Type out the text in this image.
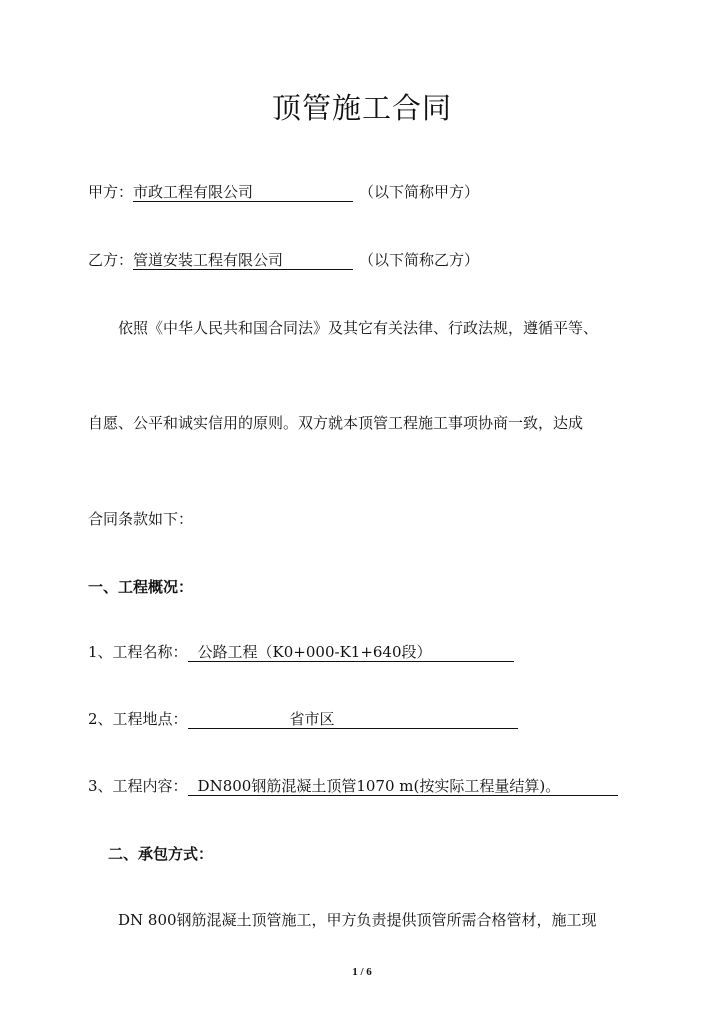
顶管施工合同
甲方：市政工程有限公司	（以下简称甲方）
乙方：管道安装工程有限公司	（以下简称乙方）
依照《中华人民共和国合同法》及其它有关法律、行政法规，遵循平等、
自愿、公平和诚实信用的原则。双方就本顶管工程施工事项协商一致，达成
合同条款如下：
一、工程概况：
1、工程名称： 公路工程（K0+000-K1+640段）
2、工程地点：	省市区
3、工程内容： DN800钢筋混凝土顶管1070 m(按实际工程量结算)。
二、承包方式：
DN 800钢筋混凝土顶管施工，甲方负责提供顶管所需合格管材，施工现
1 / 6
